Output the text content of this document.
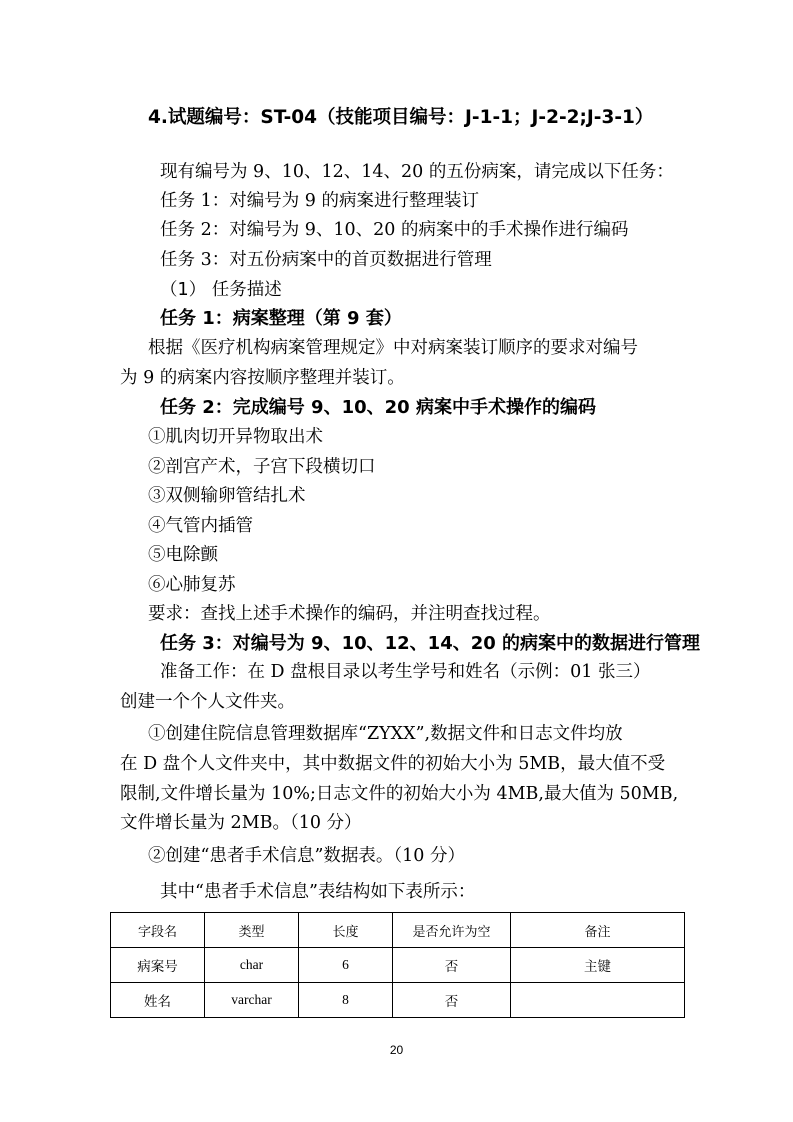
4.试题编号：ST-04（技能项目编号：J-1-1；J-2-2;J-3-1）
现有编号为 9、10、12、14、20 的五份病案，请完成以下任务：
任务 1：对编号为 9 的病案进行整理装订
任务 2：对编号为 9、10、20 的病案中的手术操作进行编码
任务 3：对五份病案中的首页数据进行管理
（1） 任务描述
任务 1：病案整理（第 9 套）
根据《医疗机构病案管理规定》中对病案装订顺序的要求对编号
为 9 的病案内容按顺序整理并装订。
任务 2：完成编号 9、10、20 病案中手术操作的编码
①肌肉切开异物取出术
②剖宫产术，子宫下段横切口
③双侧输卵管结扎术
④气管内插管
⑤电除颤
⑥心肺复苏
要求：查找上述手术操作的编码，并注明查找过程。
任务 3：对编号为 9、10、12、14、20 的病案中的数据进行管理
准备工作：在 D 盘根目录以考生学号和姓名（示例：01 张三）
创建一个个人文件夹。
①创建住院信息管理数据库“ZYXX”,数据文件和日志文件均放
在 D 盘个人文件夹中，其中数据文件的初始大小为 5MB，最大值不受
限制,文件增长量为 10%;日志文件的初始大小为 4MB,最大值为 50MB,
文件增长量为 2MB。（10 分）
②创建“患者手术信息”数据表。（10 分）
其中“患者手术信息”表结构如下表所示：
字段名	类型	长度	是否允许为空	备注
病案号	char	6	否	主键
姓名	varchar	8	否	
20
